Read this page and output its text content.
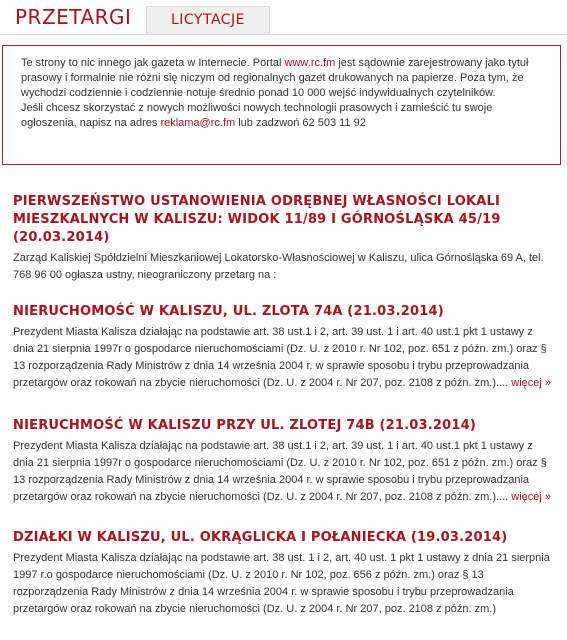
PRZETARGI	LICYTACJE
Te strony to nic innego jak gazeta w Internecie. Portal www.rc.fm jest sądownie zarejestrowany jako tytuł prasowy i formalnie nie różni się niczym od regionalnych gazet drukowanych na papierze. Poza tym, że wychodzi codziennie i codziennie notuje średnio ponad 10 000 wejść indywidualnych czytelników.
Jeśli chcesz skorzystać z nowych możliwości nowych technologii prasowych i zamieścić tu swoje ogłoszenia, napisz na adres reklama@rc.fm lub zadzwoń 62 503 11 92
PIERWSZEŃSTWO USTANOWIENIA ODRĘBNEJ WŁASNOŚCI LOKALI MIESZKALNYCH W KALISZU: WIDOK 11/89 I GÓRNOŚLĄSKA 45/19 (20.03.2014)
Zarząd Kaliskiej Spółdzielni Mieszkaniowej Lokatorsko-Własnościowej w Kaliszu, ulica Górnośląska 69 A, tel. 768 96 00 ogłasza ustny, nieograniczony przetarg na :
NIERUCHOMOŚĆ W KALISZU, UL. ZLOTA 74A (21.03.2014)
Prezydent Miasta Kalisza działając na podstawie art. 38 ust.1 i 2, art. 39 ust. 1 i art. 40 ust.1 pkt 1 ustawy z dnia 21 sierpnia 1997r o gospodarce nieruchomościami (Dz. U. z 2010 r. Nr 102, poz. 651 z późn. zm.) oraz § 13 rozporządzenia Rady Ministrów z dnia 14 września 2004 r. w sprawie sposobu i trybu przeprowadzania przetargów oraz rokowań na zbycie nieruchomości (Dz. U. z 2004 r. Nr 207, poz. 2108 z późn. zm.).... więcej »
NIERUCHMOŚĆ W KALISZU PRZY UL. ZLOTEJ 74B (21.03.2014)
Prezydent Miasta Kalisza działając na podstawie art. 38 ust.1 i 2, art. 39 ust. 1 i art. 40 ust.1 pkt 1 ustawy z dnia 21 sierpnia 1997r o gospodarce nieruchomościami (Dz. U. z 2010 r. Nr 102, poz. 651 z późn. zm.) oraz § 13 rozporządzenia Rady Ministrów z dnia 14 września 2004 r. w sprawie sposobu i trybu przeprowadzania przetargów oraz rokowań na zbycie nieruchomości (Dz. U. z 2004 r. Nr 207, poz. 2108 z późn. zm.).... więcej »
DZIAŁKI W KALISZU, UL. OKRĄGLICKA I POŁANIECKA (19.03.2014)
Prezydent Miasta Kalisza działając na podstawie art. 38 ust. 1 i 2, art. 40 ust. 1 pkt 1 ustawy z dnia 21 sierpnia 1997 r.o gospodarce nieruchomościami (Dz. U. z 2010 r. Nr 102, poz. 656 z późn. zm.) oraz § 13 rozporządzenia Rady Ministrów z dnia 14 września 2004 r. w sprawie sposobu i trybu przeprowadzania przetargów oraz rokowań na zbycie nieruchomości (Dz. U. z 2004 r. Nr 207, poz. 2108 z późn. zm.)
